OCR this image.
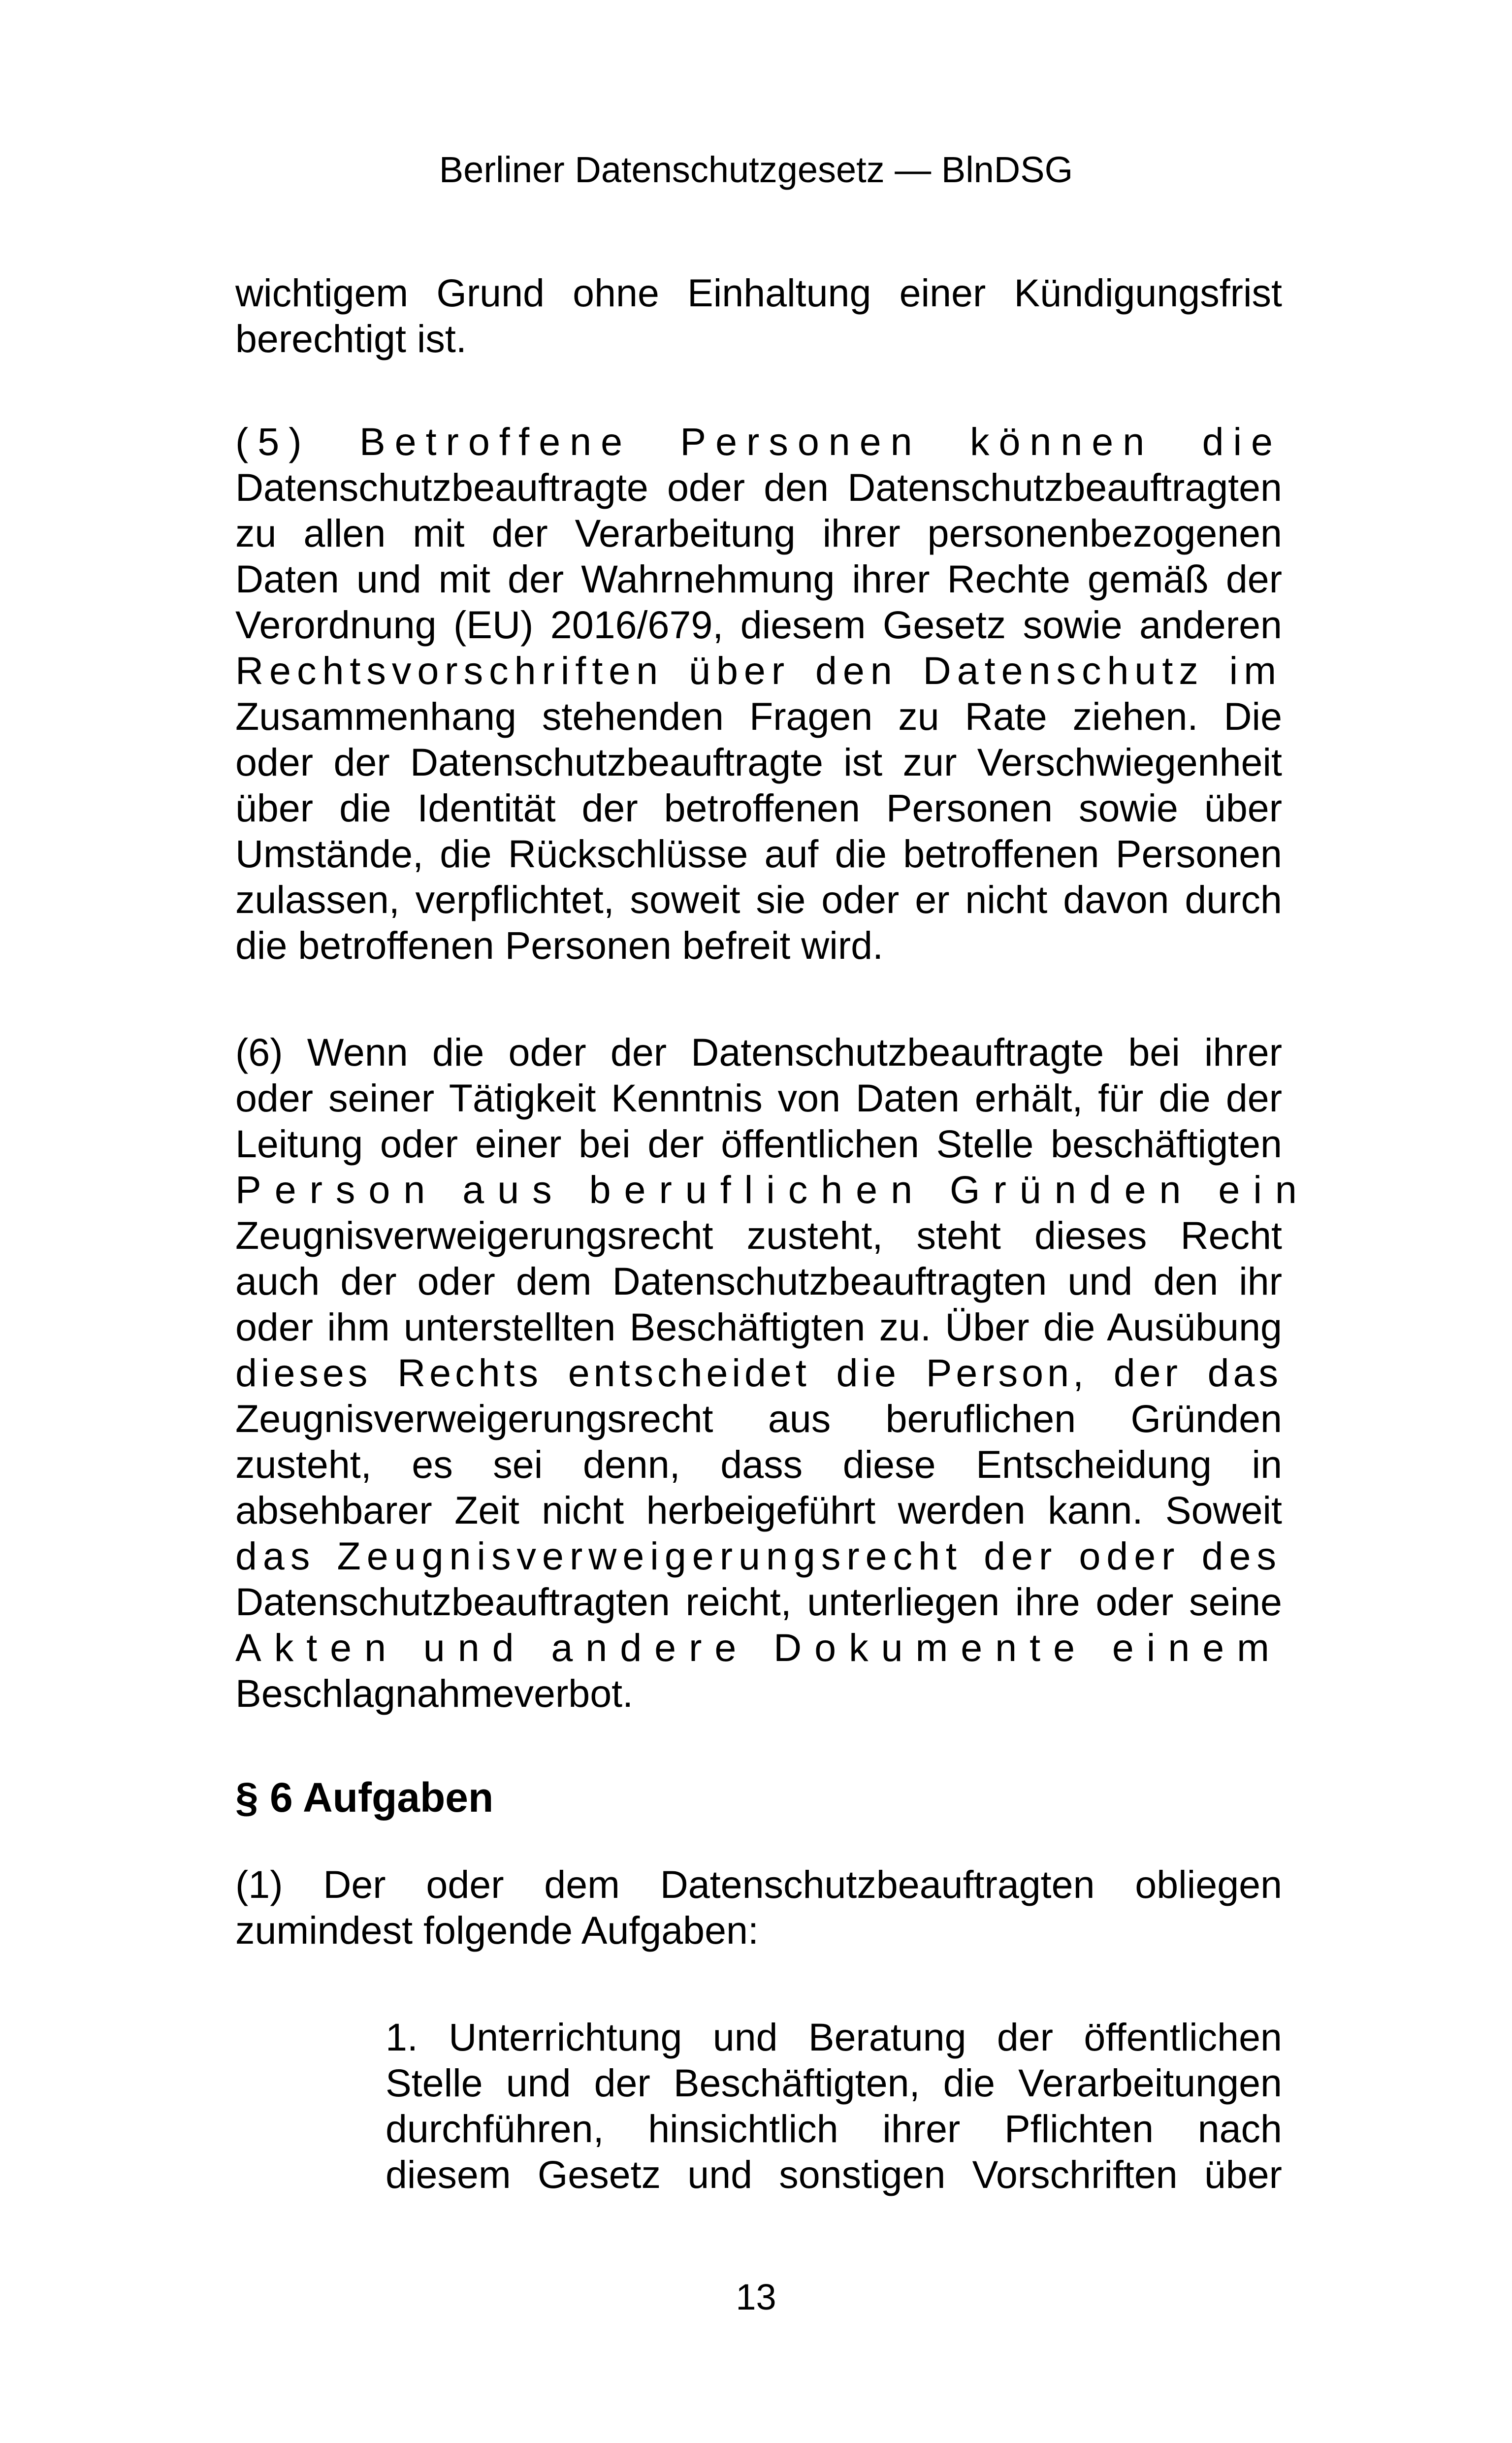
Berliner Datenschutzgesetz — BlnDSG
wichtigem Grund ohne Einhaltung einer Kündigungsfrist
berechtigt ist.
(5) Betroffene Personen können die
Datenschutzbeauftragte oder den Datenschutzbeauftragten
zu allen mit der Verarbeitung ihrer personenbezogenen
Daten und mit der Wahrnehmung ihrer Rechte gemäß der
Verordnung (EU) 2016/679, diesem Gesetz sowie anderen
Rechtsvorschriften über den Datenschutz im
Zusammenhang stehenden Fragen zu Rate ziehen. Die
oder der Datenschutzbeauftragte ist zur Verschwiegenheit
über die Identität der betroffenen Personen sowie über
Umstände, die Rückschlüsse auf die betroffenen Personen
zulassen, verpflichtet, soweit sie oder er nicht davon durch
die betroffenen Personen befreit wird.
(6) Wenn die oder der Datenschutzbeauftragte bei ihrer
oder seiner Tätigkeit Kenntnis von Daten erhält, für die der
Leitung oder einer bei der öffentlichen Stelle beschäftigten
Person aus beruflichen Gründen ein
Zeugnisverweigerungsrecht zusteht, steht dieses Recht
auch der oder dem Datenschutzbeauftragten und den ihr
oder ihm unterstellten Beschäftigten zu. Über die Ausübung
dieses Rechts entscheidet die Person, der das
Zeugnisverweigerungsrecht aus beruflichen Gründen
zusteht, es sei denn, dass diese Entscheidung in
absehbarer Zeit nicht herbeigeführt werden kann. Soweit
das Zeugnisverweigerungsrecht der oder des
Datenschutzbeauftragten reicht, unterliegen ihre oder seine
Akten und andere Dokumente einem
Beschlagnahmeverbot.
§ 6 Aufgaben
(1) Der oder dem Datenschutzbeauftragten obliegen
zumindest folgende Aufgaben:
1. Unterrichtung und Beratung der öffentlichen
Stelle und der Beschäftigten, die Verarbeitungen
durchführen, hinsichtlich ihrer Pflichten nach
diesem Gesetz und sonstigen Vorschriften über
13
